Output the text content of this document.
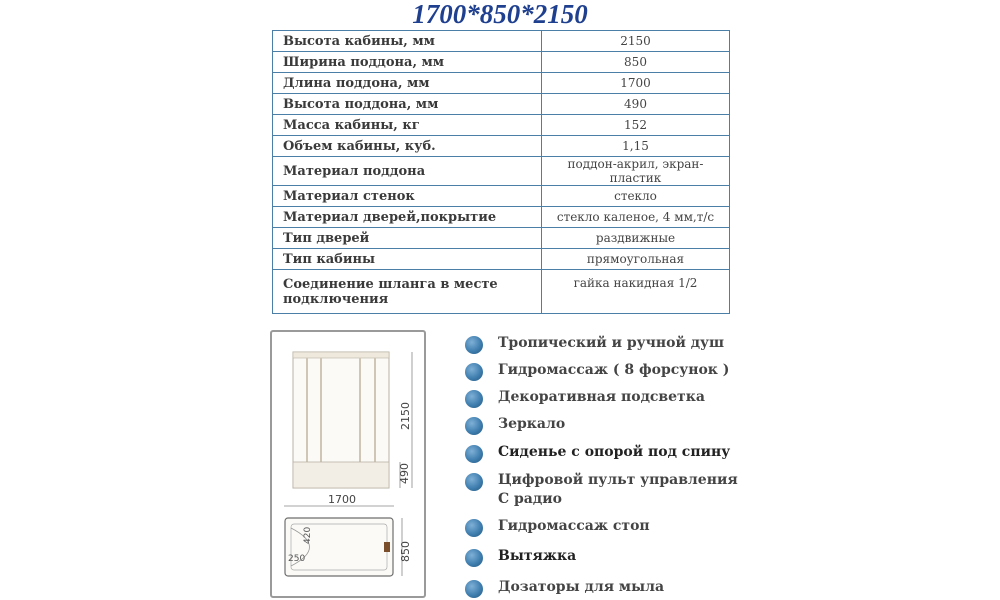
1700*850*2150
Высота кабины, мм	2150
Ширина поддона, мм	850
Длина поддона, мм	1700
Высота поддона, мм	490
Масса кабины, кг	152
Объем кабины, куб.	1,15
Материал поддона	поддон-акрил, экран-пластик
Материал стенок	стекло
Материал дверей,покрытие	стекло каленое, 4 мм,т/с
Тип дверей	раздвижные
Тип кабины	прямоугольная
Соединение шланга в месте подключения	гайка накидная 1/2
2150
490
1700
250
420
850
Тропический и ручной душ
Гидромассаж ( 8 форсунок )
Декоративная подсветка
Зеркало
Сиденье с опорой под спину
Цифровой пульт управления
С радио
Гидромассаж стоп
Вытяжка
Дозаторы для мыла
